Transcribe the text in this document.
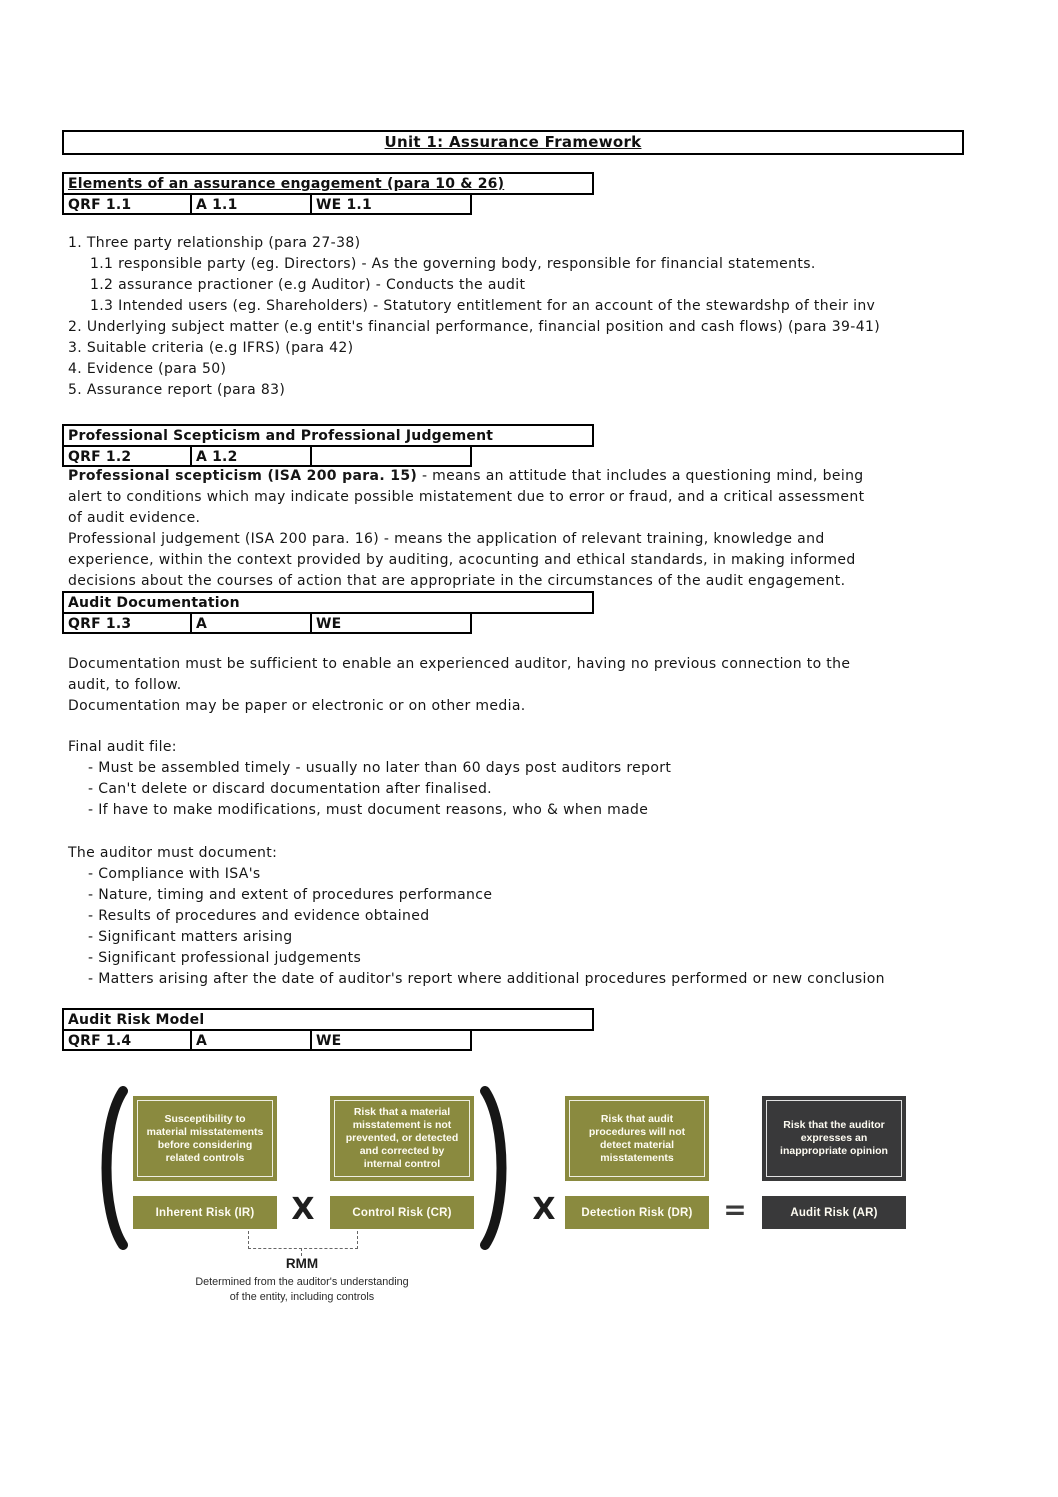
Unit 1: Assurance Framework
Elements of an assurance engagement (para 10 & 26)
QRF 1.1	A 1.1	WE 1.1
1. Three party relationship (para 27-38)
1.1 responsible party (eg. Directors) - As the governing body, responsible for financial statements.
1.2 assurance practioner (e.g Auditor) - Conducts the audit
1.3 Intended users (eg. Shareholders) - Statutory entitlement for an account of the stewardshp of their inv
2. Underlying subject matter (e.g entit's financial performance, financial position and cash flows) (para 39-41)
3. Suitable criteria (e.g IFRS) (para 42)
4. Evidence (para 50)
5. Assurance report (para 83)
Professional Scepticism and Professional Judgement
QRF 1.2	A 1.2
Professional scepticism (ISA 200 para. 15) - means an attitude that includes a questioning mind, being
alert to conditions which may indicate possible mistatement due to error or fraud, and a critical assessment
of audit evidence.
Professional judgement (ISA 200 para. 16) - means the application of relevant training, knowledge and
experience, within the context provided by auditing, acocunting and ethical standards, in making informed
decisions about the courses of action that are appropriate in the circumstances of the audit engagement.
Audit Documentation
QRF 1.3	A	WE
Documentation must be sufficient to enable an experienced auditor, having no previous connection to the
audit, to follow.
Documentation may be paper or electronic or on other media.
Final audit file:
- Must be assembled timely - usually no later than 60 days post auditors report
- Can't delete or discard documentation after finalised.
- If have to make modifications, must document reasons, who & when made
The auditor must document:
- Compliance with ISA's
- Nature, timing and extent of procedures performance
- Results of procedures and evidence obtained
- Significant matters arising
- Significant professional judgements
- Matters arising after the date of auditor's report where additional procedures performed or new conclusion
Audit Risk Model
QRF 1.4	A	WE
Susceptibility to material misstatements before considering related controls
Inherent Risk (IR)	X
Risk that a material misstatement is not prevented, or detected and corrected by internal control
Control Risk (CR)	X
Risk that audit procedures will not detect material misstatements
Detection Risk (DR)	=
Risk that the auditor expresses an inappropriate opinion
Audit Risk (AR)
RMM
Determined from the auditor's understanding
of the entity, including controls
